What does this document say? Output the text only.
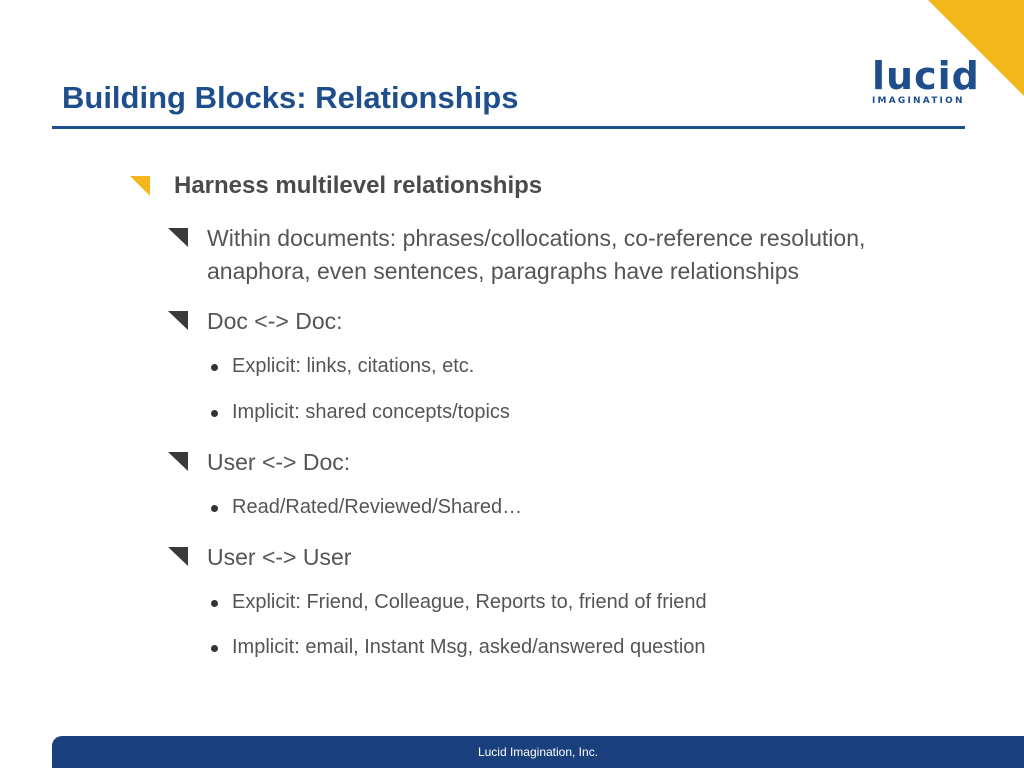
lucid
IMAGINATION
Building Blocks: Relationships
Harness multilevel relationships
Within documents: phrases/collocations, co-reference resolution,
anaphora, even sentences, paragraphs have relationships
Doc <-> Doc:
Explicit: links, citations, etc.
Implicit: shared concepts/topics
User <-> Doc:
Read/Rated/Reviewed/Shared…
User <-> User
Explicit: Friend, Colleague, Reports to, friend of friend
Implicit: email, Instant Msg, asked/answered question
Lucid Imagination, Inc.
